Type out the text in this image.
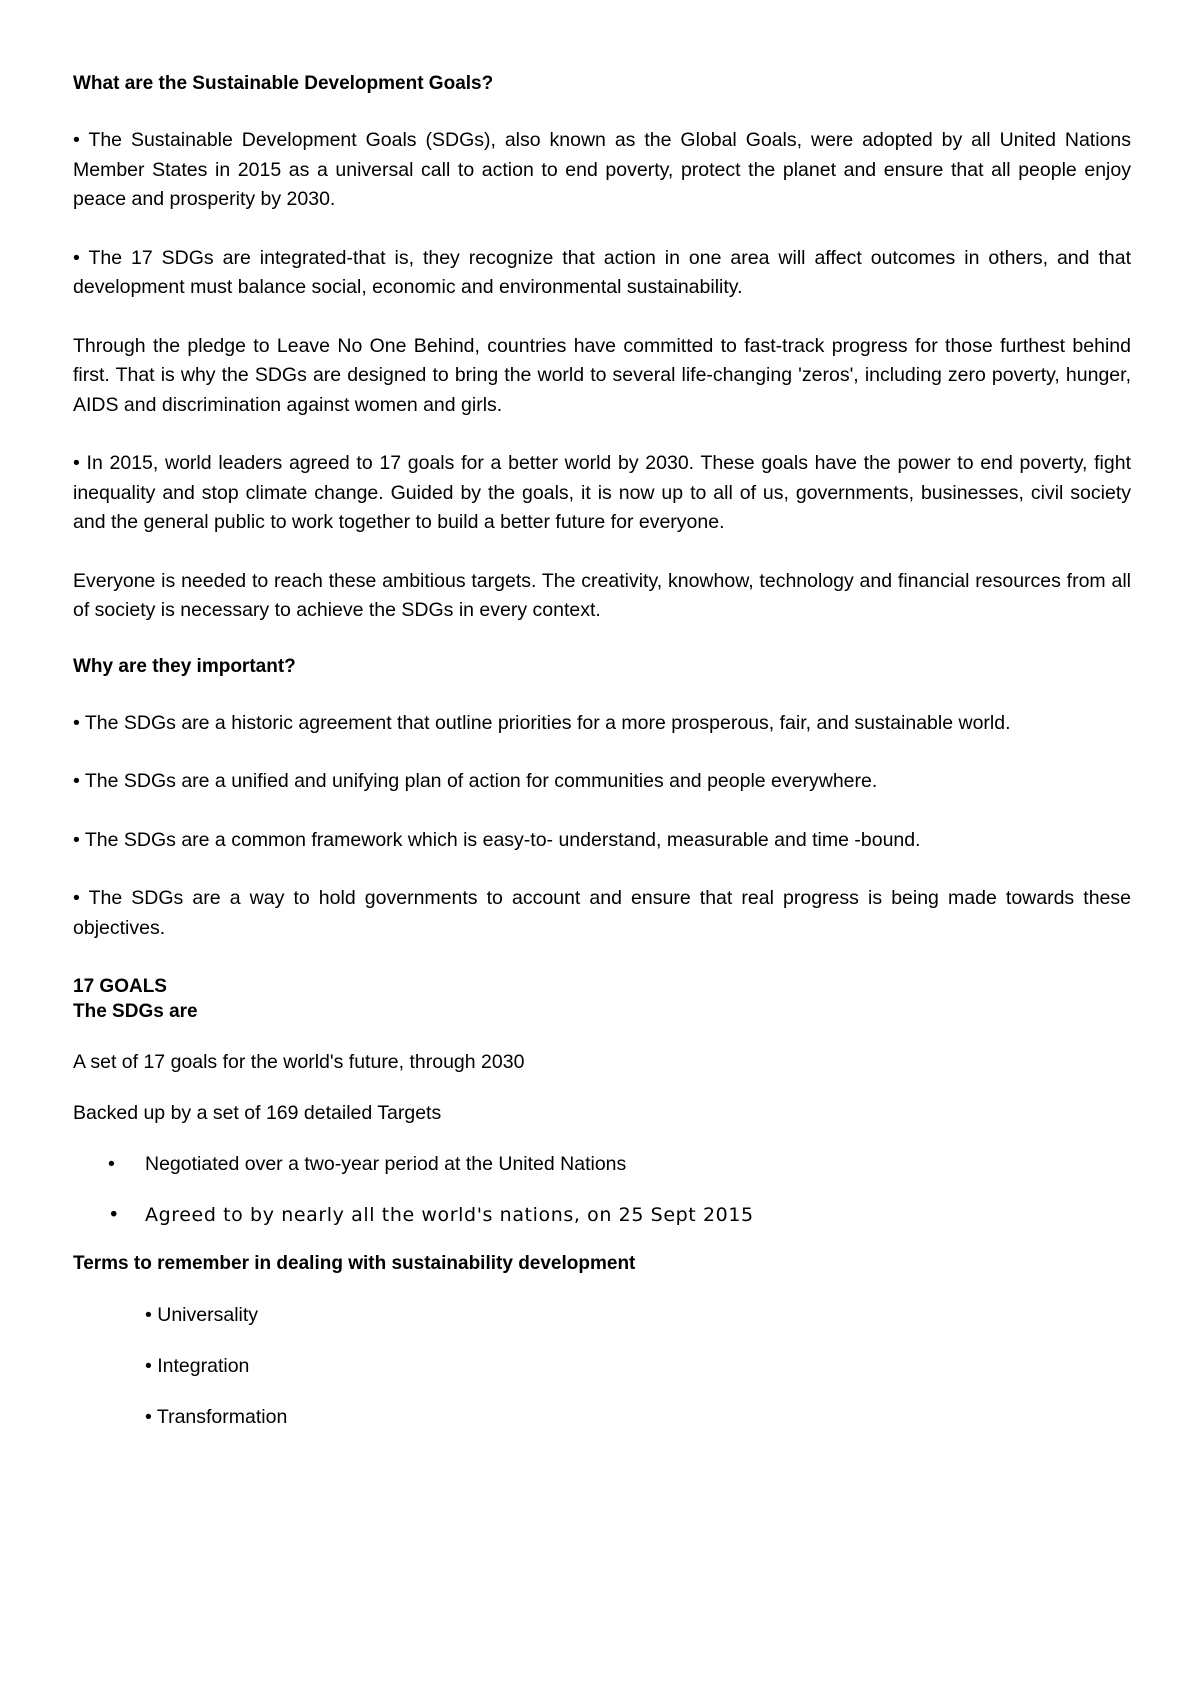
What are the Sustainable Development Goals?

• The Sustainable Development Goals (SDGs), also known as the Global Goals, were adopted by all United Nations Member States in 2015 as a universal call to action to end poverty, protect the planet and ensure that all people enjoy peace and prosperity by 2030.

• The 17 SDGs are integrated-that is, they recognize that action in one area will affect outcomes in others, and that development must balance social, economic and environmental sustainability.

Through the pledge to Leave No One Behind, countries have committed to fast-track progress for those furthest behind first. That is why the SDGs are designed to bring the world to several life-changing 'zeros', including zero poverty, hunger, AIDS and discrimination against women and girls.

• In 2015, world leaders agreed to 17 goals for a better world by 2030. These goals have the power to end poverty, fight inequality and stop climate change. Guided by the goals, it is now up to all of us, governments, businesses, civil society and the general public to work together to build a better future for everyone.

Everyone is needed to reach these ambitious targets. The creativity, knowhow, technology and financial resources from all of society is necessary to achieve the SDGs in every context.

Why are they important?

• The SDGs are a historic agreement that outline priorities for a more prosperous, fair, and sustainable world.

• The SDGs are a unified and unifying plan of action for communities and people everywhere.

• The SDGs are a common framework which is easy-to- understand, measurable and time -bound.

• The SDGs are a way to hold governments to account and ensure that real progress is being made towards these objectives.

17 GOALS

The SDGs are

A set of 17 goals for the world's future, through 2030

Backed up by a set of 169 detailed Targets

• Negotiated over a two-year period at the United Nations
• Agreed to by nearly all the world's nations, on 25 Sept 2015

Terms to remember in dealing with sustainability development

• Universality
• Integration
• Transformation
